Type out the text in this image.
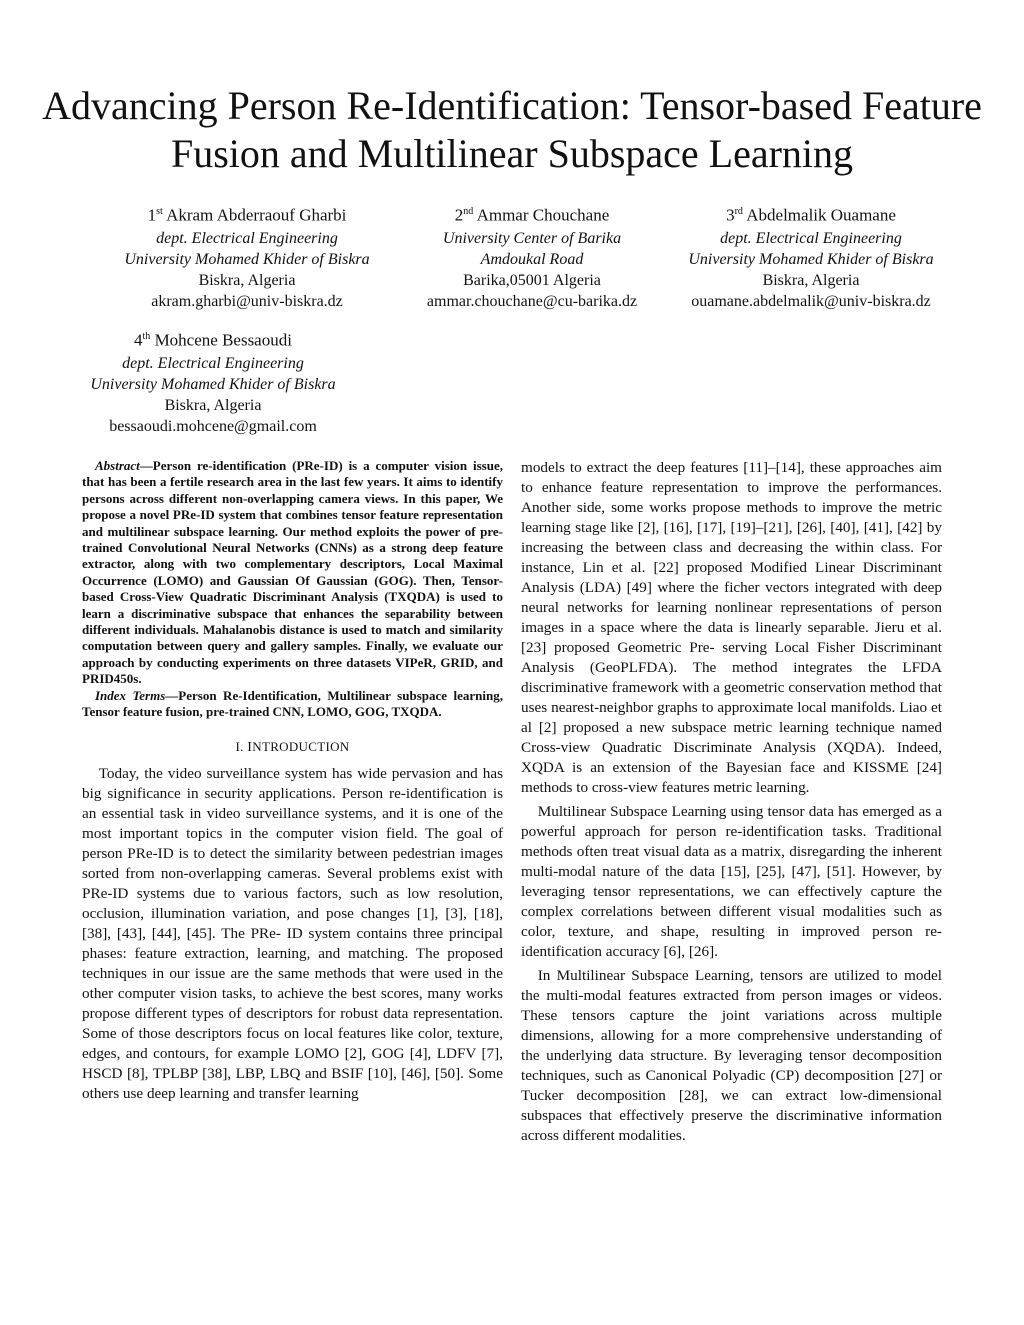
Advancing Person Re-Identification: Tensor-based Feature Fusion and Multilinear Subspace Learning
1st Akram Abderraouf Gharbi
dept. Electrical Engineering
University Mohamed Khider of Biskra
Biskra, Algeria
akram.gharbi@univ-biskra.dz
2nd Ammar Chouchane
University Center of Barika
Amdoukal Road
Barika,05001 Algeria
ammar.chouchane@cu-barika.dz
3rd Abdelmalik Ouamane
dept. Electrical Engineering
University Mohamed Khider of Biskra
Biskra, Algeria
ouamane.abdelmalik@univ-biskra.dz
4th Mohcene Bessaoudi
dept. Electrical Engineering
University Mohamed Khider of Biskra
Biskra, Algeria
bessaoudi.mohcene@gmail.com

Abstract—Person re-identification (PRe-ID) is a computer vision issue, that has been a fertile research area in the last few years. It aims to identify persons across different non-overlapping camera views. In this paper, We propose a novel PRe-ID system that combines tensor feature representation and multilinear subspace learning. Our method exploits the power of pre-trained Convolutional Neural Networks (CNNs) as a strong deep feature extractor, along with two complementary descriptors, Local Maximal Occurrence (LOMO) and Gaussian Of Gaussian (GOG). Then, Tensor-based Cross-View Quadratic Discriminant Analysis (TXQDA) is used to learn a discriminative subspace that enhances the separability between different individuals. Mahalanobis distance is used to match and similarity computation between query and gallery samples. Finally, we evaluate our approach by conducting experiments on three datasets VIPeR, GRID, and PRID450s.

Index Terms—Person Re-Identification, Multilinear subspace learning, Tensor feature fusion, pre-trained CNN, LOMO, GOG, TXQDA.

I. INTRODUCTION

Today, the video surveillance system has wide pervasion and has big significance in security applications. Person re-identification is an essential task in video surveillance systems, and it is one of the most important topics in the computer vision field. The goal of person PRe-ID is to detect the similarity between pedestrian images sorted from non-overlapping cameras. Several problems exist with PRe-ID systems due to various factors, such as low resolution, occlusion, illumination variation, and pose changes [1], [3], [18], [38], [43], [44], [45]. The PRe- ID system contains three principal phases: feature extraction, learning, and matching. The proposed techniques in our issue are the same methods that were used in the other computer vision tasks, to achieve the best scores, many works propose different types of descriptors for robust data representation. Some of those descriptors focus on local features like color, texture, edges, and contours, for example LOMO [2], GOG [4], LDFV [7], HSCD [8], TPLBP [38], LBP, LBQ and BSIF [10], [46], [50]. Some others use deep learning and transfer learning

models to extract the deep features [11]–[14], these approaches aim to enhance feature representation to improve the performances. Another side, some works propose methods to improve the metric learning stage like [2], [16], [17], [19]–[21], [26], [40], [41], [42] by increasing the between class and decreasing the within class. For instance, Lin et al. [22] proposed Modified Linear Discriminant Analysis (LDA) [49] where the ficher vectors integrated with deep neural networks for learning nonlinear representations of person images in a space where the data is linearly separable. Jieru et al. [23] proposed Geometric Pre- serving Local Fisher Discriminant Analysis (GeoPLFDA). The method integrates the LFDA discriminative framework with a geometric conservation method that uses nearest-neighbor graphs to approximate local manifolds. Liao et al [2] proposed a new subspace metric learning technique named Cross-view Quadratic Discriminate Analysis (XQDA). Indeed, XQDA is an extension of the Bayesian face and KISSME [24] methods to cross-view features metric learning.

Multilinear Subspace Learning using tensor data has emerged as a powerful approach for person re-identification tasks. Traditional methods often treat visual data as a matrix, disregarding the inherent multi-modal nature of the data [15], [25], [47], [51]. However, by leveraging tensor representations, we can effectively capture the complex correlations between different visual modalities such as color, texture, and shape, resulting in improved person re-identification accuracy [6], [26].

In Multilinear Subspace Learning, tensors are utilized to model the multi-modal features extracted from person images or videos. These tensors capture the joint variations across multiple dimensions, allowing for a more comprehensive understanding of the underlying data structure. By leveraging tensor decomposition techniques, such as Canonical Polyadic (CP) decomposition [27] or Tucker decomposition [28], we can extract low-dimensional subspaces that effectively preserve the discriminative information across different modalities.
